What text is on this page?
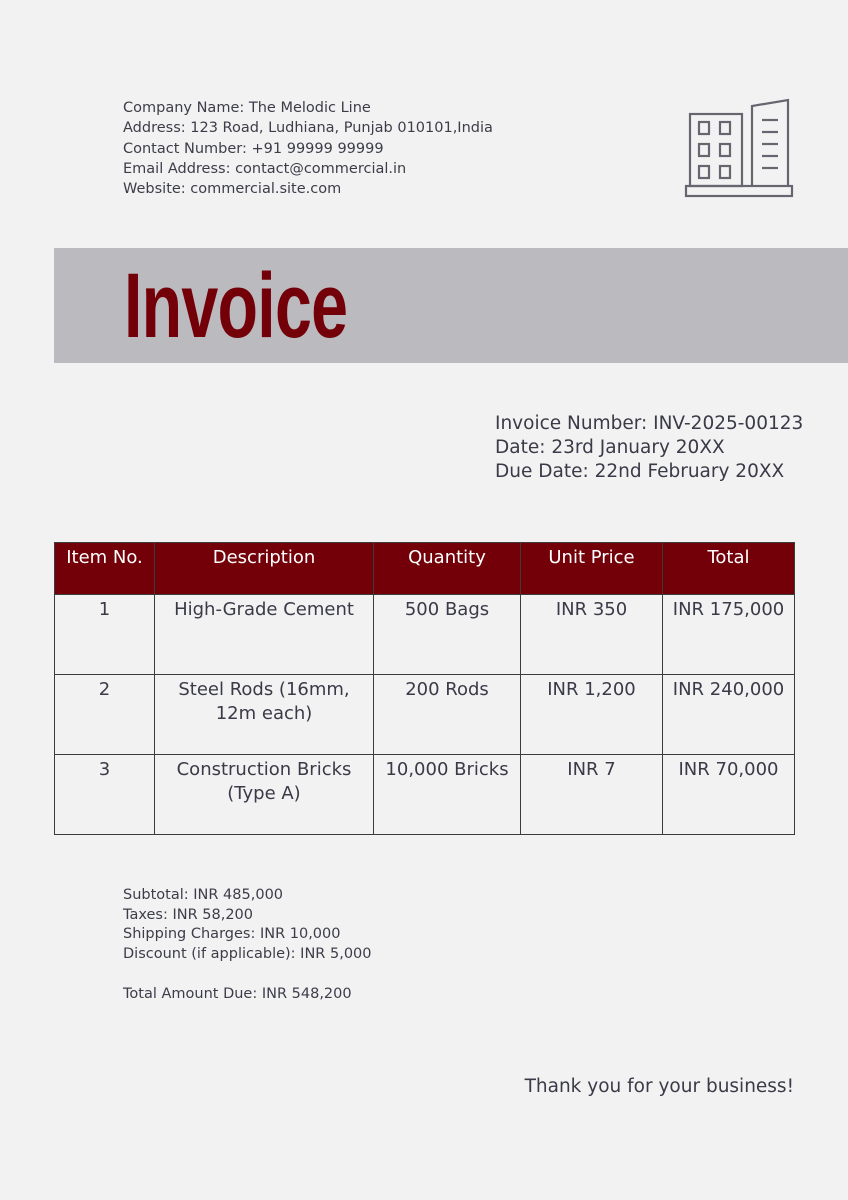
Company Name: The Melodic Line
Address: 123 Road, Ludhiana, Punjab 010101,India
Contact Number: +91 99999 99999
Email Address: contact@commercial.in
Website: commercial.site.com
Invoice
Invoice Number: INV-2025-00123
Date: 23rd January 20XX
Due Date: 22nd February 20XX
Item No.	Description	Quantity	Unit Price	Total
1	High-Grade Cement	500 Bags	INR 350	INR 175,000
2	Steel Rods (16mm, 12m each)	200 Rods	INR 1,200	INR 240,000
3	Construction Bricks (Type A)	10,000 Bricks	INR 7	INR 70,000
Subtotal: INR 485,000
Taxes: INR 58,200
Shipping Charges: INR 10,000
Discount (if applicable): INR 5,000
Total Amount Due: INR 548,200
Thank you for your business!
